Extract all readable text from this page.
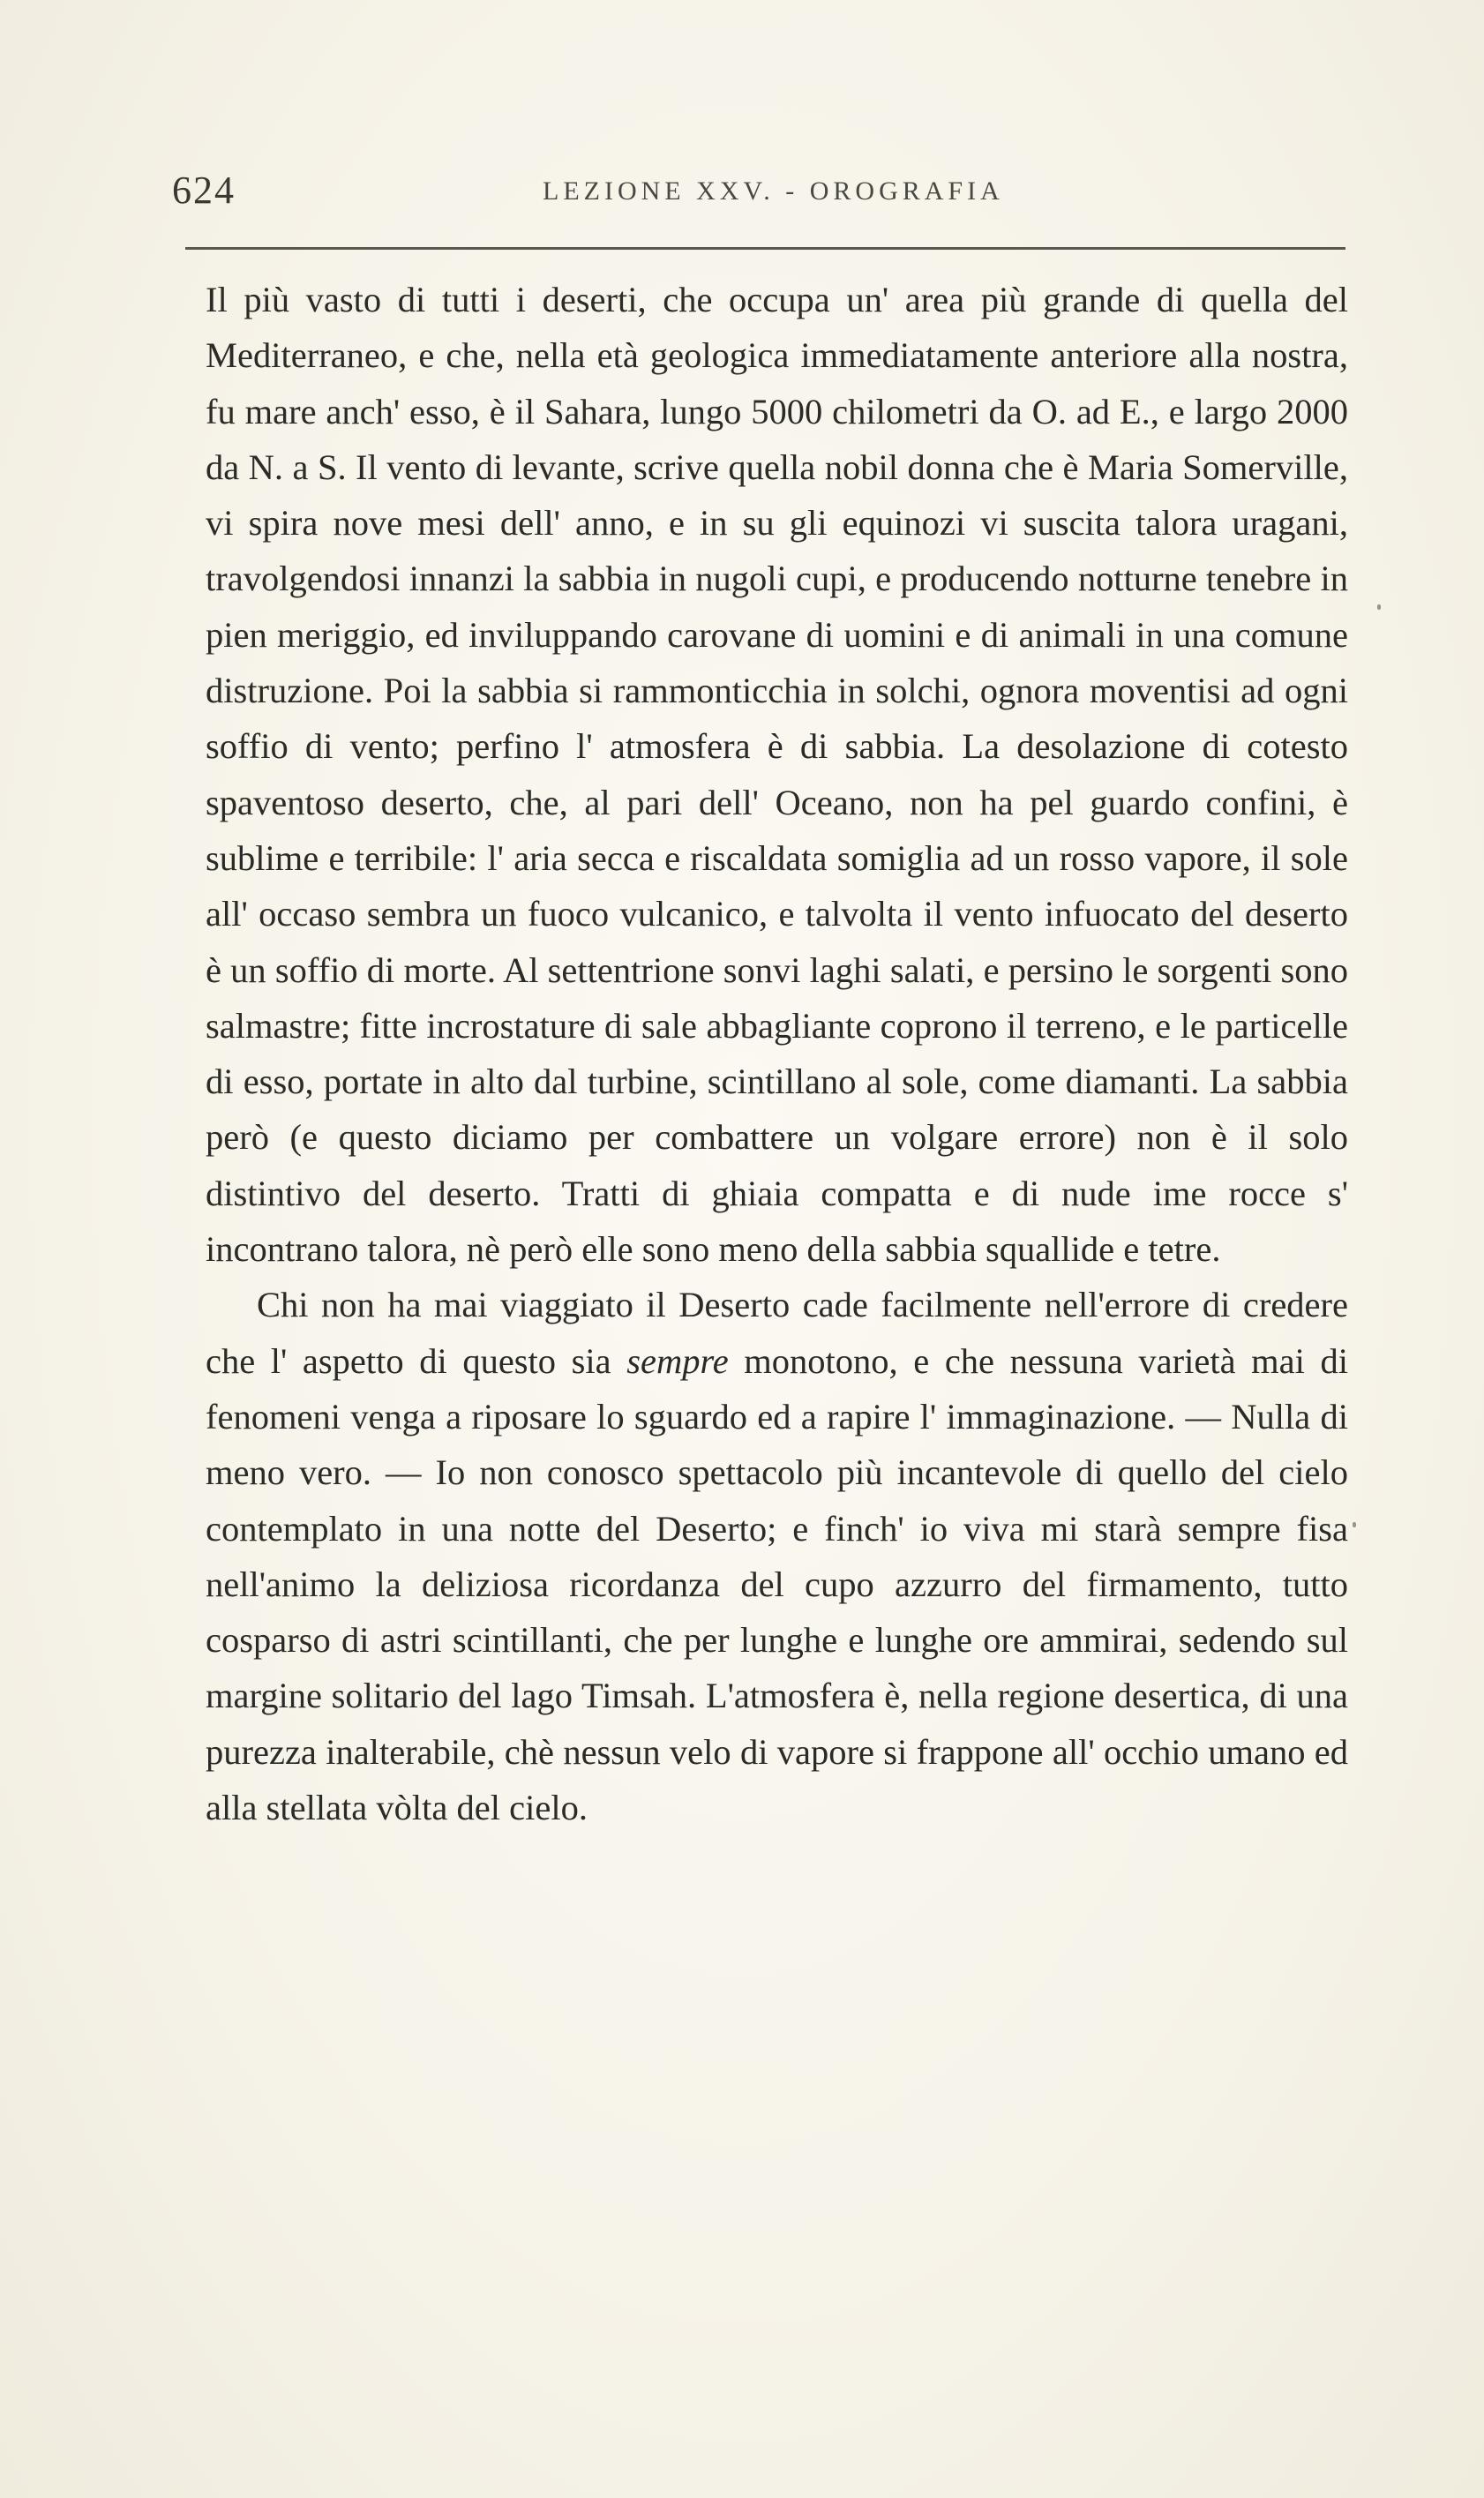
624	LEZIONE XXV. - OROGRAFIA

Il più vasto di tutti i deserti, che occupa un' area più grande di quella del Mediterraneo, e che, nella età geologica immediatamente anteriore alla nostra, fu mare anch' esso, è il Sahara, lungo 5000 chilometri da O. ad E., e largo 2000 da N. a S. Il vento di levante, scrive quella nobil donna che è Maria Somerville, vi spira nove mesi dell' anno, e in su gli equinozi vi suscita talora uragani, travolgendosi innanzi la sabbia in nugoli cupi, e producendo notturne tenebre in pien meriggio, ed inviluppando carovane di uomini e di animali in una comune distruzione. Poi la sabbia si rammonticchia in solchi, ognora moventisi ad ogni soffio di vento; perfino l' atmosfera è di sabbia. La desolazione di cotesto spaventoso deserto, che, al pari dell' Oceano, non ha pel guardo confini, è sublime e terribile: l' aria secca e riscaldata somiglia ad un rosso vapore, il sole all' occaso sembra un fuoco vulcanico, e talvolta il vento infuocato del deserto è un soffio di morte. Al settentrione sonvi laghi salati, e persino le sorgenti sono salmastre; fitte incrostature di sale abbagliante coprono il terreno, e le particelle di esso, portate in alto dal turbine, scintillano al sole, come diamanti. La sabbia però (e questo diciamo per combattere un volgare errore) non è il solo distintivo del deserto. Tratti di ghiaia compatta e di nude ime rocce s' incontrano talora, nè però elle sono meno della sabbia squallide e tetre.

Chi non ha mai viaggiato il Deserto cade facilmente nell'errore di credere che l' aspetto di questo sia sempre monotono, e che nessuna varietà mai di fenomeni venga a riposare lo sguardo ed a rapire l' immaginazione. — Nulla di meno vero. — Io non conosco spettacolo più incantevole di quello del cielo contemplato in una notte del Deserto; e finch' io viva mi starà sempre fisa nell'animo la deliziosa ricordanza del cupo azzurro del firmamento, tutto cosparso di astri scintillanti, che per lunghe e lunghe ore ammirai, sedendo sul margine solitario del lago Timsah. L'atmosfera è, nella regione desertica, di una purezza inalterabile, chè nessun velo di vapore si frappone all' occhio umano ed alla stellata vòlta del cielo.
